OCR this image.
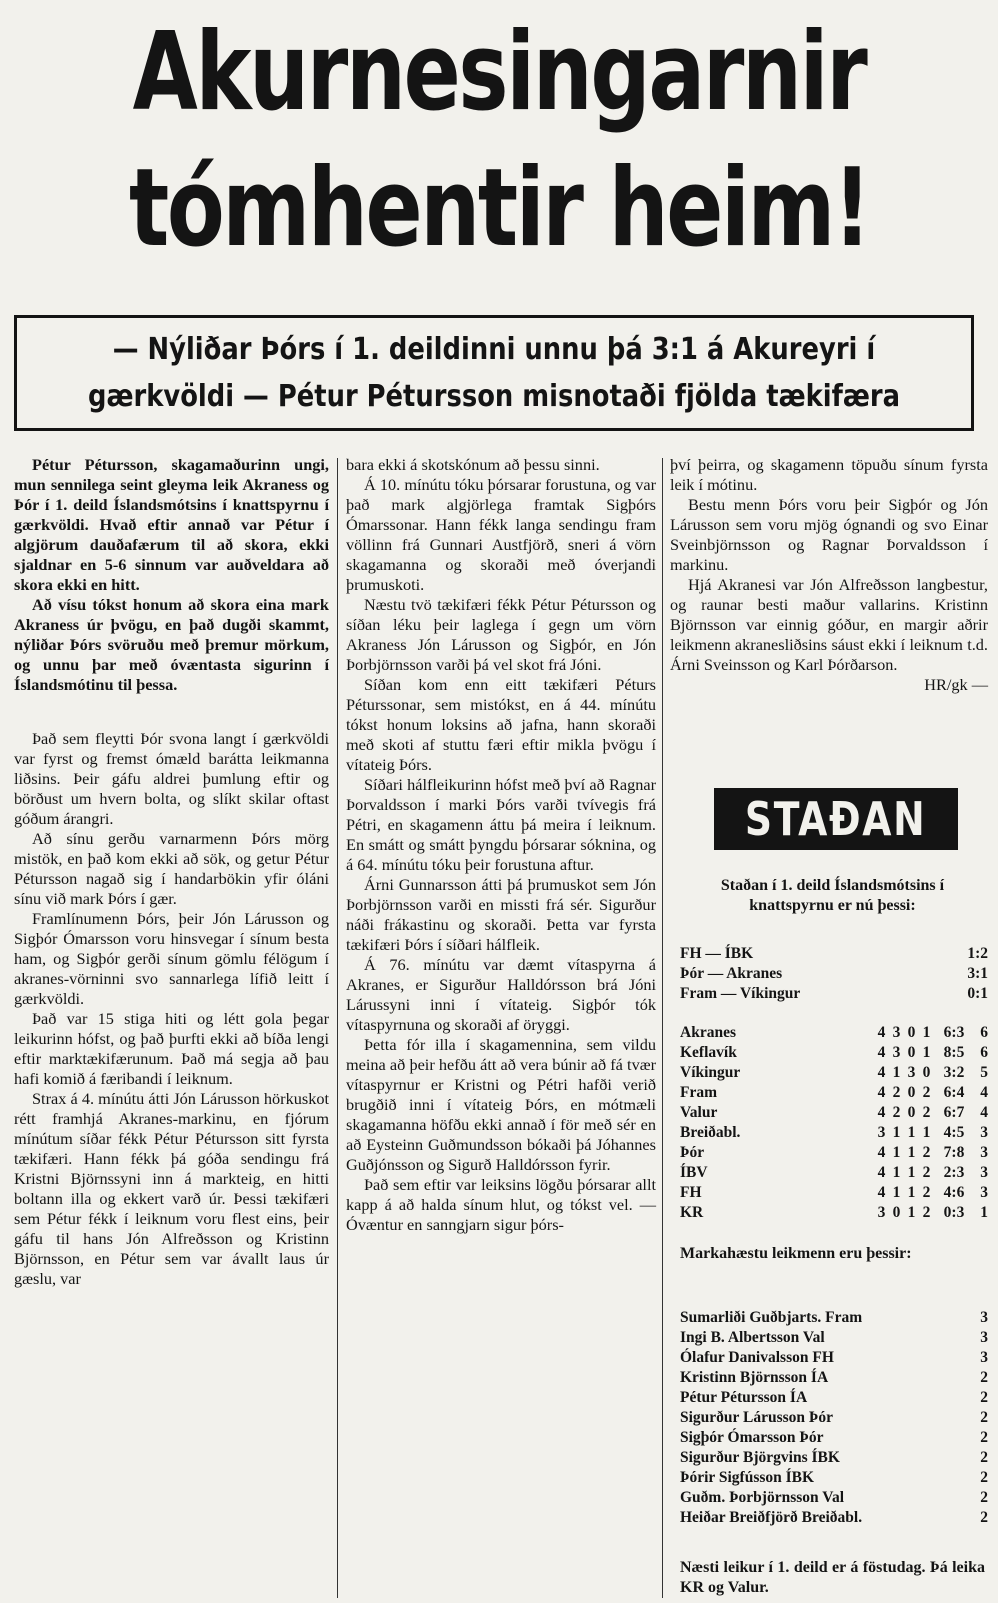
Akurnesingarnir
tómhentir heim!
— Nýliðar Þórs í 1. deildinni unnu þá 3:1 á Akureyri í
gærkvöldi — Pétur Pétursson misnotaði fjölda tækifæra

Pétur Pétursson, skagamaðurinn ungi, mun sennilega seint gleyma leik Akraness og Þór í 1. deild Íslandsmótsins í knattspyrnu í gærkvöldi. Hvað eftir annað var Pétur í algjörum dauðafærum til að skora, ekki sjaldnar en 5-6 sinnum var auðveldara að skora ekki en hitt.

Að vísu tókst honum að skora eina mark Akraness úr þvögu, en það dugði skammt, nýliðar Þórs svöruðu með þremur mörkum, og unnu þar með óvæntasta sigurinn í Íslandsmótinu til þessa.

Það sem fleytti Þór svona langt í gærkvöldi var fyrst og fremst ómæld barátta leikmanna liðsins. Þeir gáfu aldrei þumlung eftir og börðust um hvern bolta, og slíkt skilar oftast góðum árangri.

Að sínu gerðu varnarmenn Þórs mörg mistök, en það kom ekki að sök, og getur Pétur Pétursson nagað sig í handarbökin yfir óláni sínu við mark Þórs í gær.

Framlínumenn Þórs, þeir Jón Lárusson og Sigþór Ómarsson voru hinsvegar í sínum besta ham, og Sigþór gerði sínum gömlu félögum í akranes-vörninni svo sannarlega lífið leitt í gærkvöldi.

Það var 15 stiga hiti og létt gola þegar leikurinn hófst, og það þurfti ekki að bíða lengi eftir marktækifærunum. Það má segja að þau hafi komið á færibandi í leiknum.

Strax á 4. mínútu átti Jón Lárusson hörkuskot rétt framhjá Akranes-markinu, en fjórum mínútum síðar fékk Pétur Pétursson sitt fyrsta tækifæri. Hann fékk þá góða sendingu frá Kristni Björnssyni inn á markteig, en hitti boltann illa og ekkert varð úr. Þessi tækifæri sem Pétur fékk í leiknum voru flest eins, þeir gáfu til hans Jón Alfreðsson og Kristinn Björnsson, en Pétur sem var ávallt laus úr gæslu, var

bara ekki á skotskónum að þessu sinni.

Á 10. mínútu tóku þórsarar forustuna, og var það mark algjörlega framtak Sigþórs Ómarssonar. Hann fékk langa sendingu fram völlinn frá Gunnari Austfjörð, sneri á vörn skagamanna og skoraði með óverjandi þrumuskoti.

Næstu tvö tækifæri fékk Pétur Pétursson og síðan léku þeir laglega í gegn um vörn Akraness Jón Lárusson og Sigþór, en Jón Þorbjörnsson varði þá vel skot frá Jóni.

Síðan kom enn eitt tækifæri Péturs Péturssonar, sem mistókst, en á 44. mínútu tókst honum loksins að jafna, hann skoraði með skoti af stuttu færi eftir mikla þvögu í vítateig Þórs.

Síðari hálfleikurinn hófst með því að Ragnar Þorvaldsson í marki Þórs varði tvívegis frá Pétri, en skagamenn áttu þá meira í leiknum. En smátt og smátt þyngdu þórsarar sóknina, og á 64. mínútu tóku þeir forustuna aftur.

Árni Gunnarsson átti þá þrumuskot sem Jón Þorbjörnsson varði en missti frá sér. Sigurður náði frákastinu og skoraði. Þetta var fyrsta tækifæri Þórs í síðari hálfleik.

Á 76. mínútu var dæmt vítaspyrna á Akranes, er Sigurður Halldórsson brá Jóni Lárussyni inni í vítateig. Sigþór tók vítaspyrnuna og skoraði af öryggi.

Þetta fór illa í skagamennina, sem vildu meina að þeir hefðu átt að vera búnir að fá tvær vítaspyrnur er Kristni og Pétri hafði verið brugðið inni í vítateig Þórs, en mótmæli skagamanna höfðu ekki annað í för með sér en að Eysteinn Guðmundsson bókaði þá Jóhannes Guðjónsson og Sigurð Halldórsson fyrir.

Það sem eftir var leiksins lögðu þórsarar allt kapp á að halda sínum hlut, og tókst vel. — Óvæntur en sanngjarn sigur þórs-

því þeirra, og skagamenn töpuðu sínum fyrsta leik í mótinu.

Bestu menn Þórs voru þeir Sigþór og Jón Lárusson sem voru mjög ógnandi og svo Einar Sveinbjörnsson og Ragnar Þorvaldsson í markinu.

Hjá Akranesi var Jón Alfreðsson langbestur, og raunar besti maður vallarins. Kristinn Björnsson var einnig góður, en margir aðrir leikmenn akranesliðsins sáust ekki í leiknum t.d. Árni Sveinsson og Karl Þórðarson.

HR/gk —

STAÐAN
Staðan í 1. deild Íslandsmótsins í knattspyrnu er nú þessi:
FH — ÍBK	1:2
Þór — Akranes	3:1
Fram — Víkingur	0:1
Akranes	4	3	0	1	6:3	6
Keflavík	4	3	0	1	8:5	6
Víkingur	4	1	3	0	3:2	5
Fram	4	2	0	2	6:4	4
Valur	4	2	0	2	6:7	4
Breiðabl.	3	1	1	1	4:5	3
Þór	4	1	1	2	7:8	3
ÍBV	4	1	1	2	2:3	3
FH	4	1	1	2	4:6	3
KR	3	0	1	2	0:3	1
Markahæstu leikmenn eru þessir:
Sumarliði Guðbjarts. Fram	3
Ingi B. Albertsson Val	3
Ólafur Danivalsson FH	3
Kristinn Björnsson ÍA	2
Pétur Pétursson ÍA	2
Sigurður Lárusson Þór	2
Sigþór Ómarsson Þór	2
Sigurður Björgvins ÍBK	2
Þórir Sigfússon ÍBK	2
Guðm. Þorbjörnsson Val	2
Heiðar Breiðfjörð Breiðabl.	2
Næsti leikur í 1. deild er á föstudag. Þá leika KR og Valur.
